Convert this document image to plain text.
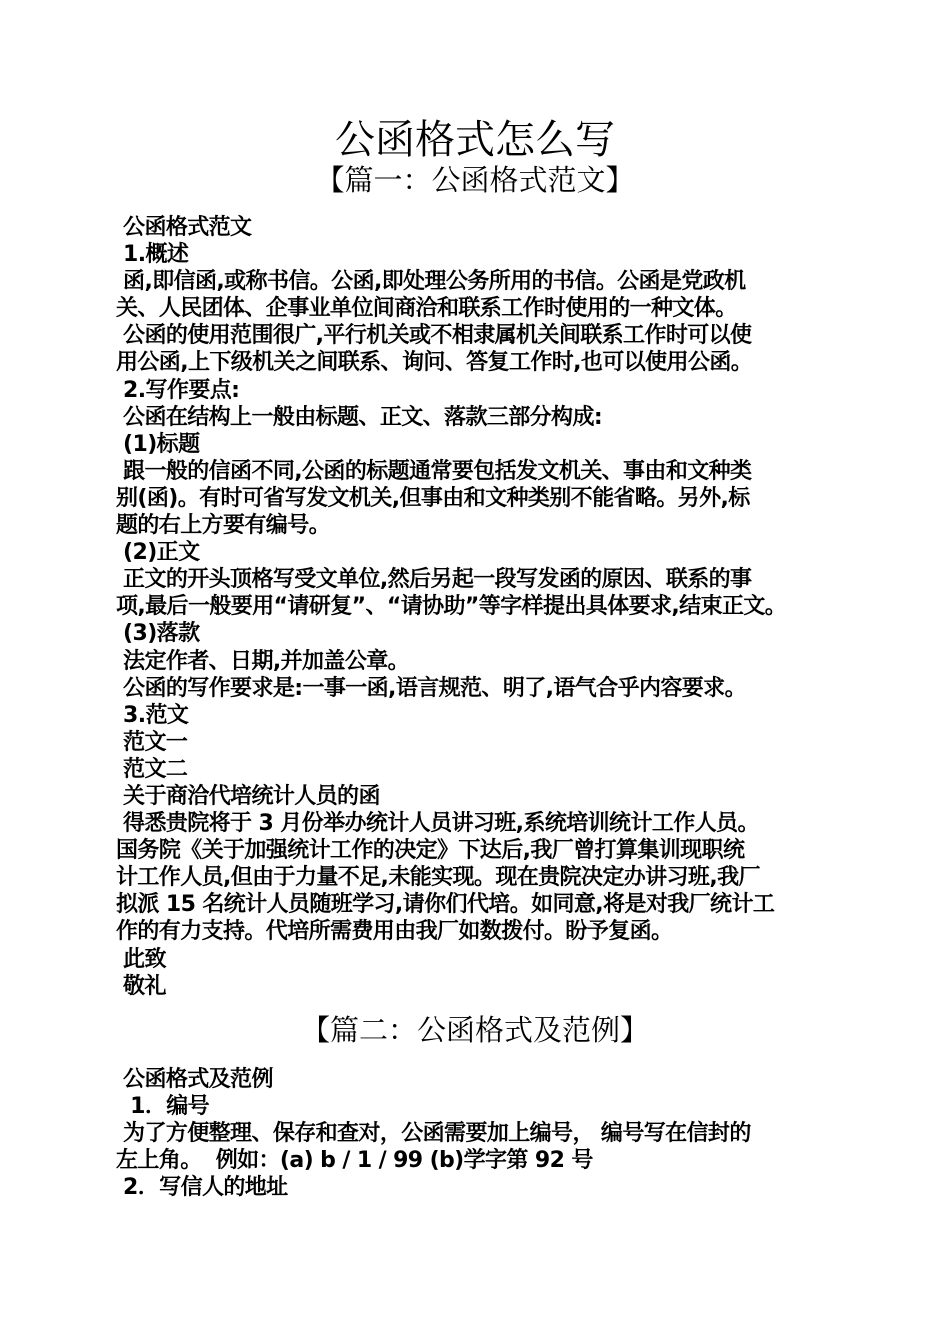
公函格式怎么写
【篇一：公函格式范文】
公函格式范文
1.概述
函,即信函,或称书信。公函,即处理公务所用的书信。公函是党政机
关、人民团体、企事业单位间商洽和联系工作时使用的一种文体。
公函的使用范围很广,平行机关或不相隶属机关间联系工作时可以使
用公函,上下级机关之间联系、询问、答复工作时,也可以使用公函。
2.写作要点:
公函在结构上一般由标题、正文、落款三部分构成:
(1)标题
跟一般的信函不同,公函的标题通常要包括发文机关、事由和文种类
别(函)。有时可省写发文机关,但事由和文种类别不能省略。另外,标
题的右上方要有编号。
(2)正文
正文的开头顶格写受文单位,然后另起一段写发函的原因、联系的事
项,最后一般要用“请研复”、“请协助”等字样提出具体要求,结束正文。
(3)落款
法定作者、日期,并加盖公章。
公函的写作要求是:一事一函,语言规范、明了,语气合乎内容要求。
3.范文
范文一
范文二
关于商洽代培统计人员的函
得悉贵院将于 3 月份举办统计人员讲习班,系统培训统计工作人员。
国务院《关于加强统计工作的决定》下达后,我厂曾打算集训现职统
计工作人员,但由于力量不足,未能实现。现在贵院决定办讲习班,我厂
拟派 15 名统计人员随班学习,请你们代培。如同意,将是对我厂统计工
作的有力支持。代培所需费用由我厂如数拨付。盼予复函。
此致
敬礼
【篇二：公函格式及范例】
公函格式及范例
1．编号
为了方便整理、保存和查对，公函需要加上编号， 编号写在信封的
左上角。  例如：(a) b / 1 / 99 (b)学字第 92 号
2．写信人的地址
